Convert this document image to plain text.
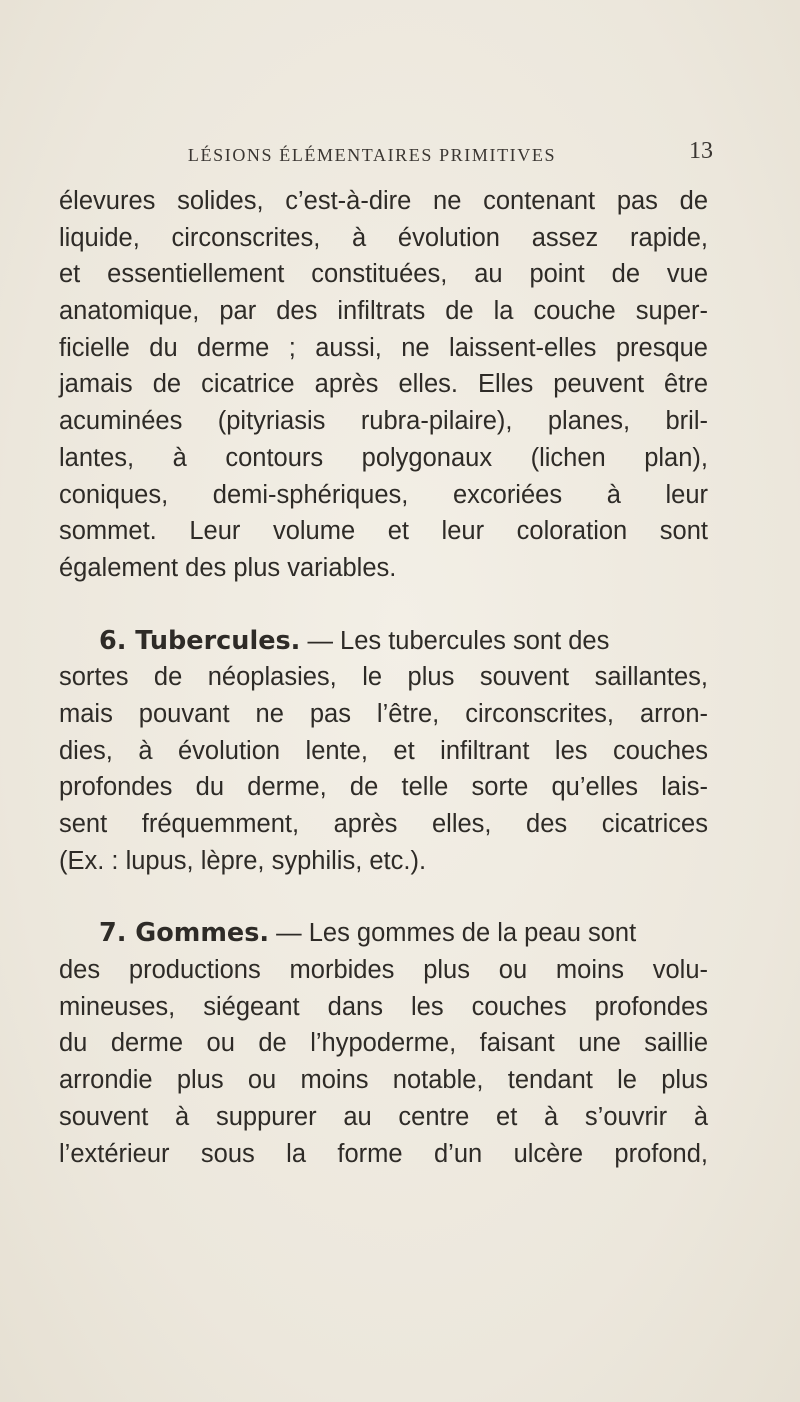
LÉSIONS ÉLÉMENTAIRES PRIMITIVES	13
élevures solides, c’est-à-dire ne contenant pas de
liquide, circonscrites, à évolution assez rapide,
et essentiellement constituées, au point de vue
anatomique, par des infiltrats de la couche super-
ficielle du derme ; aussi, ne laissent-elles presque
jamais de cicatrice après elles. Elles peuvent être
acuminées (pityriasis rubra-pilaire), planes, bril-
lantes, à contours polygonaux (lichen plan),
coniques, demi-sphériques, excoriées à leur
sommet. Leur volume et leur coloration sont
également des plus variables.
6. Tubercules. — Les tubercules sont des
sortes de néoplasies, le plus souvent saillantes,
mais pouvant ne pas l’être, circonscrites, arron-
dies, à évolution lente, et infiltrant les couches
profondes du derme, de telle sorte qu’elles lais-
sent fréquemment, après elles, des cicatrices
(Ex. : lupus, lèpre, syphilis, etc.).
7. Gommes. — Les gommes de la peau sont
des productions morbides plus ou moins volu-
mineuses, siégeant dans les couches profondes
du derme ou de l’hypoderme, faisant une saillie
arrondie plus ou moins notable, tendant le plus
souvent à suppurer au centre et à s’ouvrir à
l’extérieur sous la forme d’un ulcère profond,
